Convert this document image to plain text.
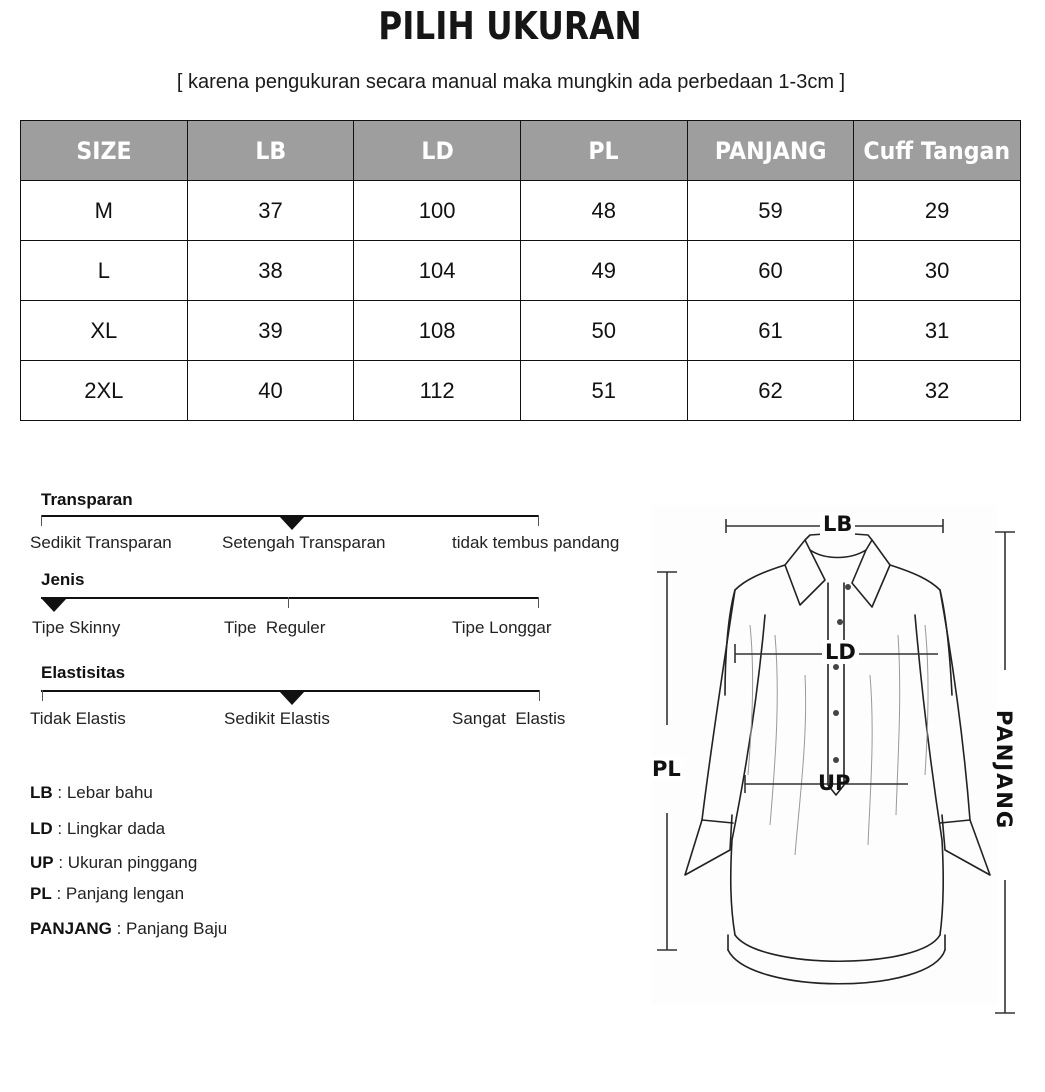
PILIH UKURAN
[ karena pengukuran secara manual maka mungkin ada perbedaan 1-3cm ]
SIZE	LB	LD	PL	PANJANG	Cuff Tangan
M	37	100	48	59	29
L	38	104	49	60	30
XL	39	108	50	61	31
2XL	40	112	51	62	32
Transparan
Sedikit Transparan	Setengah Transparan	tidak tembus pandang
Jenis
Tipe Skinny	Tipe  Reguler	Tipe Longgar
Elastisitas
Tidak Elastis	Sedikit Elastis	Sangat  Elastis
LB : Lebar bahu
LD : Lingkar dada
UP : Ukuran pinggang
PL : Panjang lengan
PANJANG : Panjang Baju
LB
LD
UP
PL	PANJANG
